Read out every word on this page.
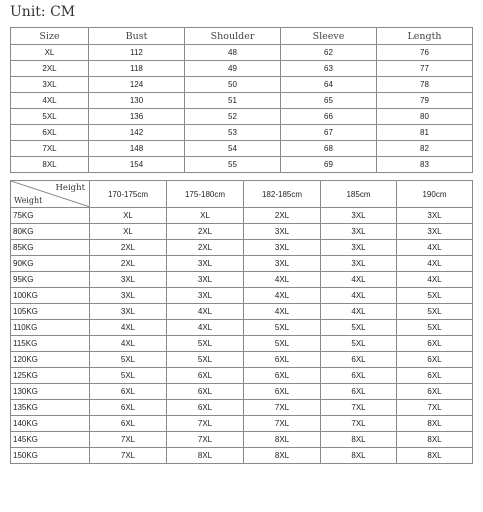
Unit: CM
Size	Bust	Shoulder	Sleeve	Length
XL	112	48	62	76
2XL	118	49	63	77
3XL	124	50	64	78
4XL	130	51	65	79
5XL	136	52	66	80
6XL	142	53	67	81
7XL	148	54	68	82
8XL	154	55	69	83
Height
Weight	170-175cm	175-180cm	182-185cm	185cm	190cm
75KG	XL	XL	2XL	3XL	3XL
80KG	XL	2XL	3XL	3XL	3XL
85KG	2XL	2XL	3XL	3XL	4XL
90KG	2XL	3XL	3XL	3XL	4XL
95KG	3XL	3XL	4XL	4XL	4XL
100KG	3XL	3XL	4XL	4XL	5XL
105KG	3XL	4XL	4XL	4XL	5XL
110KG	4XL	4XL	5XL	5XL	5XL
115KG	4XL	5XL	5XL	5XL	6XL
120KG	5XL	5XL	6XL	6XL	6XL
125KG	5XL	6XL	6XL	6XL	6XL
130KG	6XL	6XL	6XL	6XL	6XL
135KG	6XL	6XL	7XL	7XL	7XL
140KG	6XL	7XL	7XL	7XL	8XL
145KG	7XL	7XL	8XL	8XL	8XL
150KG	7XL	8XL	8XL	8XL	8XL
